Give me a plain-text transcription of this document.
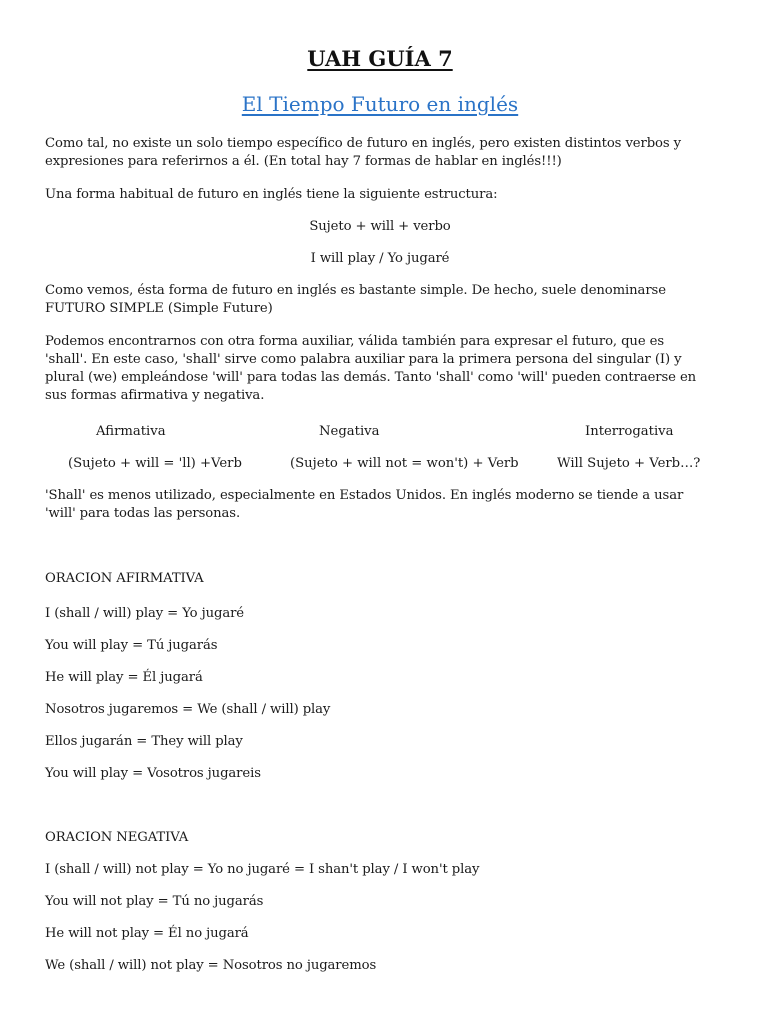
UAH GUÍA 7
El Tiempo Futuro en inglés
Como tal, no existe un solo tiempo específico de futuro en inglés, pero existen distintos verbos y
expresiones para referirnos a él. (En total hay 7 formas de hablar en inglés!!!)
Una forma habitual de futuro en inglés tiene la siguiente estructura:
Sujeto + will + verbo
I will play / Yo jugaré
Como vemos, ésta forma de futuro en inglés es bastante simple. De hecho, suele denominarse
FUTURO SIMPLE (Simple Future)
Podemos encontrarnos con otra forma auxiliar, válida también para expresar el futuro, que es
'shall'. En este caso, 'shall' sirve como palabra auxiliar para la primera persona del singular (I) y
plural (we) empleándose 'will' para todas las demás. Tanto 'shall' como 'will' pueden contraerse en
sus formas afirmativa y negativa.
Afirmativa	Negativa	Interrogativa
(Sujeto + will = 'll) +Verb	(Sujeto + will not = won't) + Verb	Will Sujeto + Verb…?
'Shall' es menos utilizado, especialmente en Estados Unidos. En inglés moderno se tiende a usar
'will' para todas las personas.
ORACION AFIRMATIVA
I (shall / will) play = Yo jugaré
You will play = Tú jugarás
He will play = Él jugará
Nosotros jugaremos = We (shall / will) play
Ellos jugarán = They will play
You will play = Vosotros jugareis
ORACION NEGATIVA
I (shall / will) not play = Yo no jugaré = I shan't play / I won't play
You will not play = Tú no jugarás
He will not play = Él no jugará
We (shall / will) not play = Nosotros no jugaremos
